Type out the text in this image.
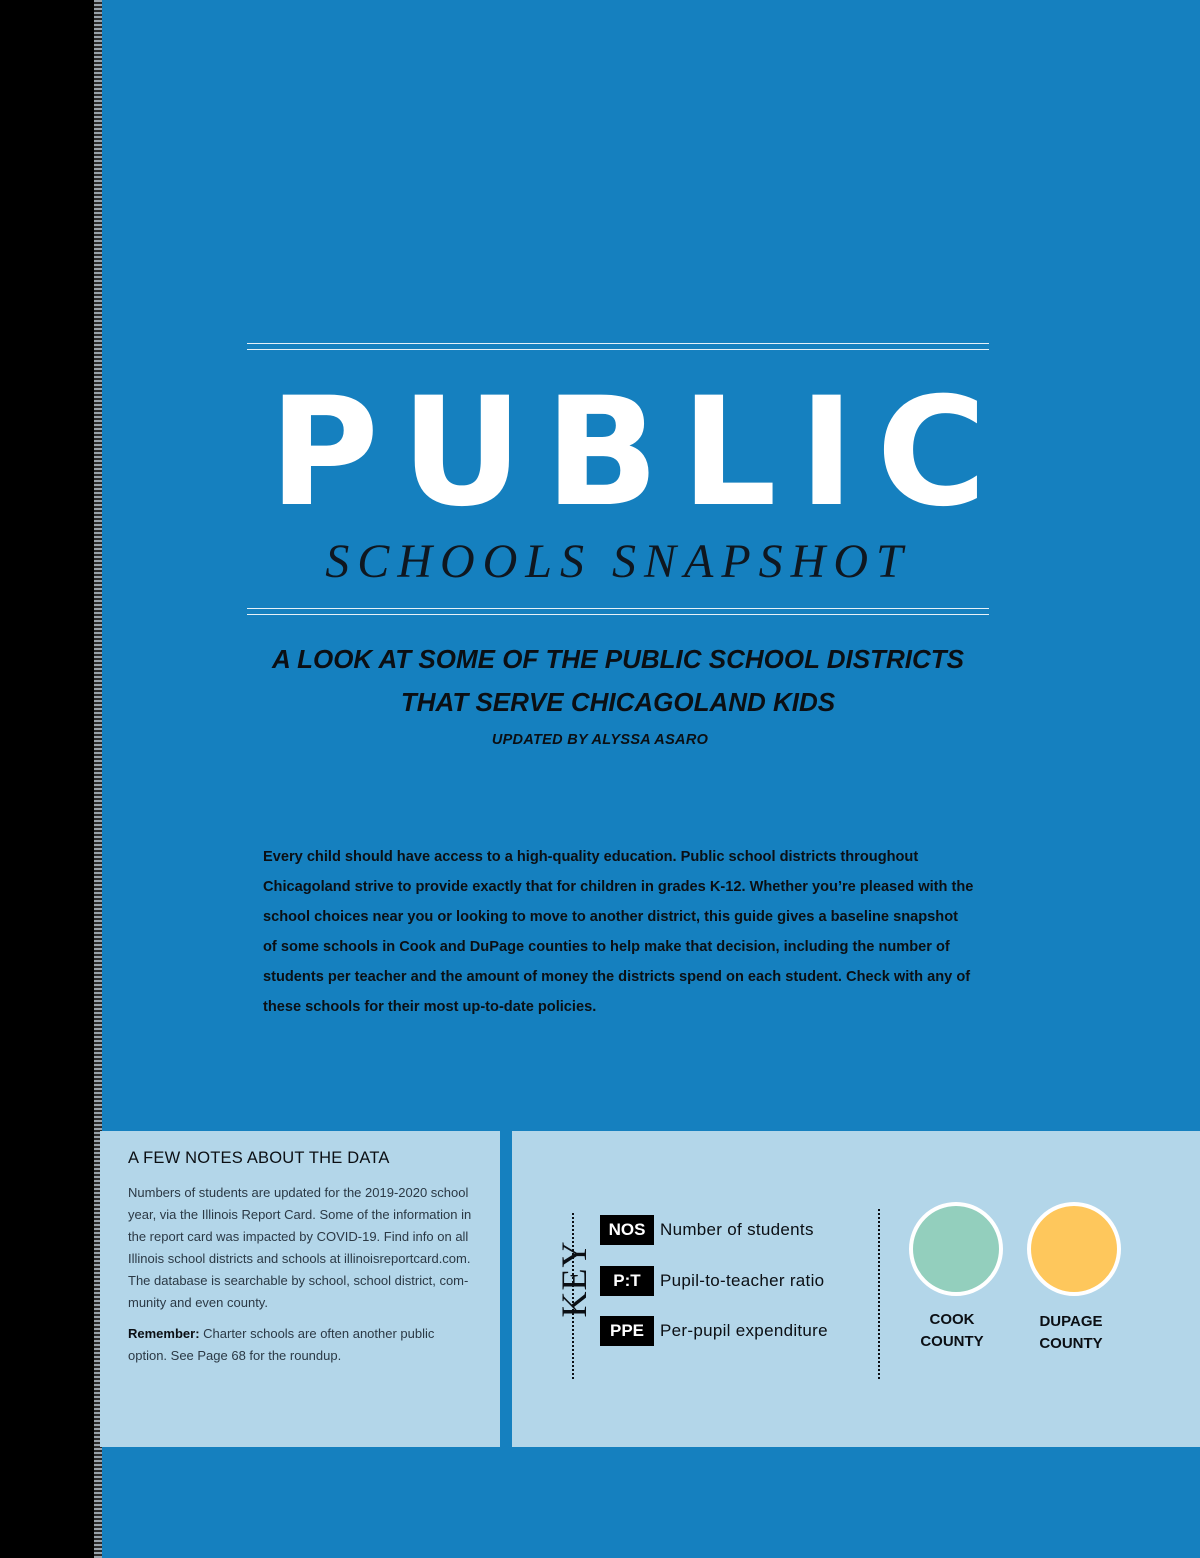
PUBLIC
SCHOOLS SNAPSHOT
A LOOK AT SOME OF THE PUBLIC SCHOOL DISTRICTS
THAT SERVE CHICAGOLAND KIDS
UPDATED BY ALYSSA ASARO
Every child should have access to a high-quality education. Public school districts throughout
Chicagoland strive to provide exactly that for children in grades K-12. Whether you’re pleased with the
school choices near you or looking to move to another district, this guide gives a baseline snapshot
of some schools in Cook and DuPage counties to help make that decision, including the number of
students per teacher and the amount of money the districts spend on each student. Check with any of
these schools for their most up-to-date policies.
A FEW NOTES ABOUT THE DATA
Numbers of students are updated for the 2019-2020 school
year, via the Illinois Report Card. Some of the information in
the report card was impacted by COVID-19. Find info on all
Illinois school districts and schools at illinoisreportcard.com.
The database is searchable by school, school district, com-
munity and even county.
Remember: Charter schools are often another public
option. See Page 68 for the roundup.
KEY
NOS Number of students
P:T	Pupil-to-teacher ratio
PPE Per-pupil expenditure
COOK
COUNTY
DUPAGE
COUNTY
